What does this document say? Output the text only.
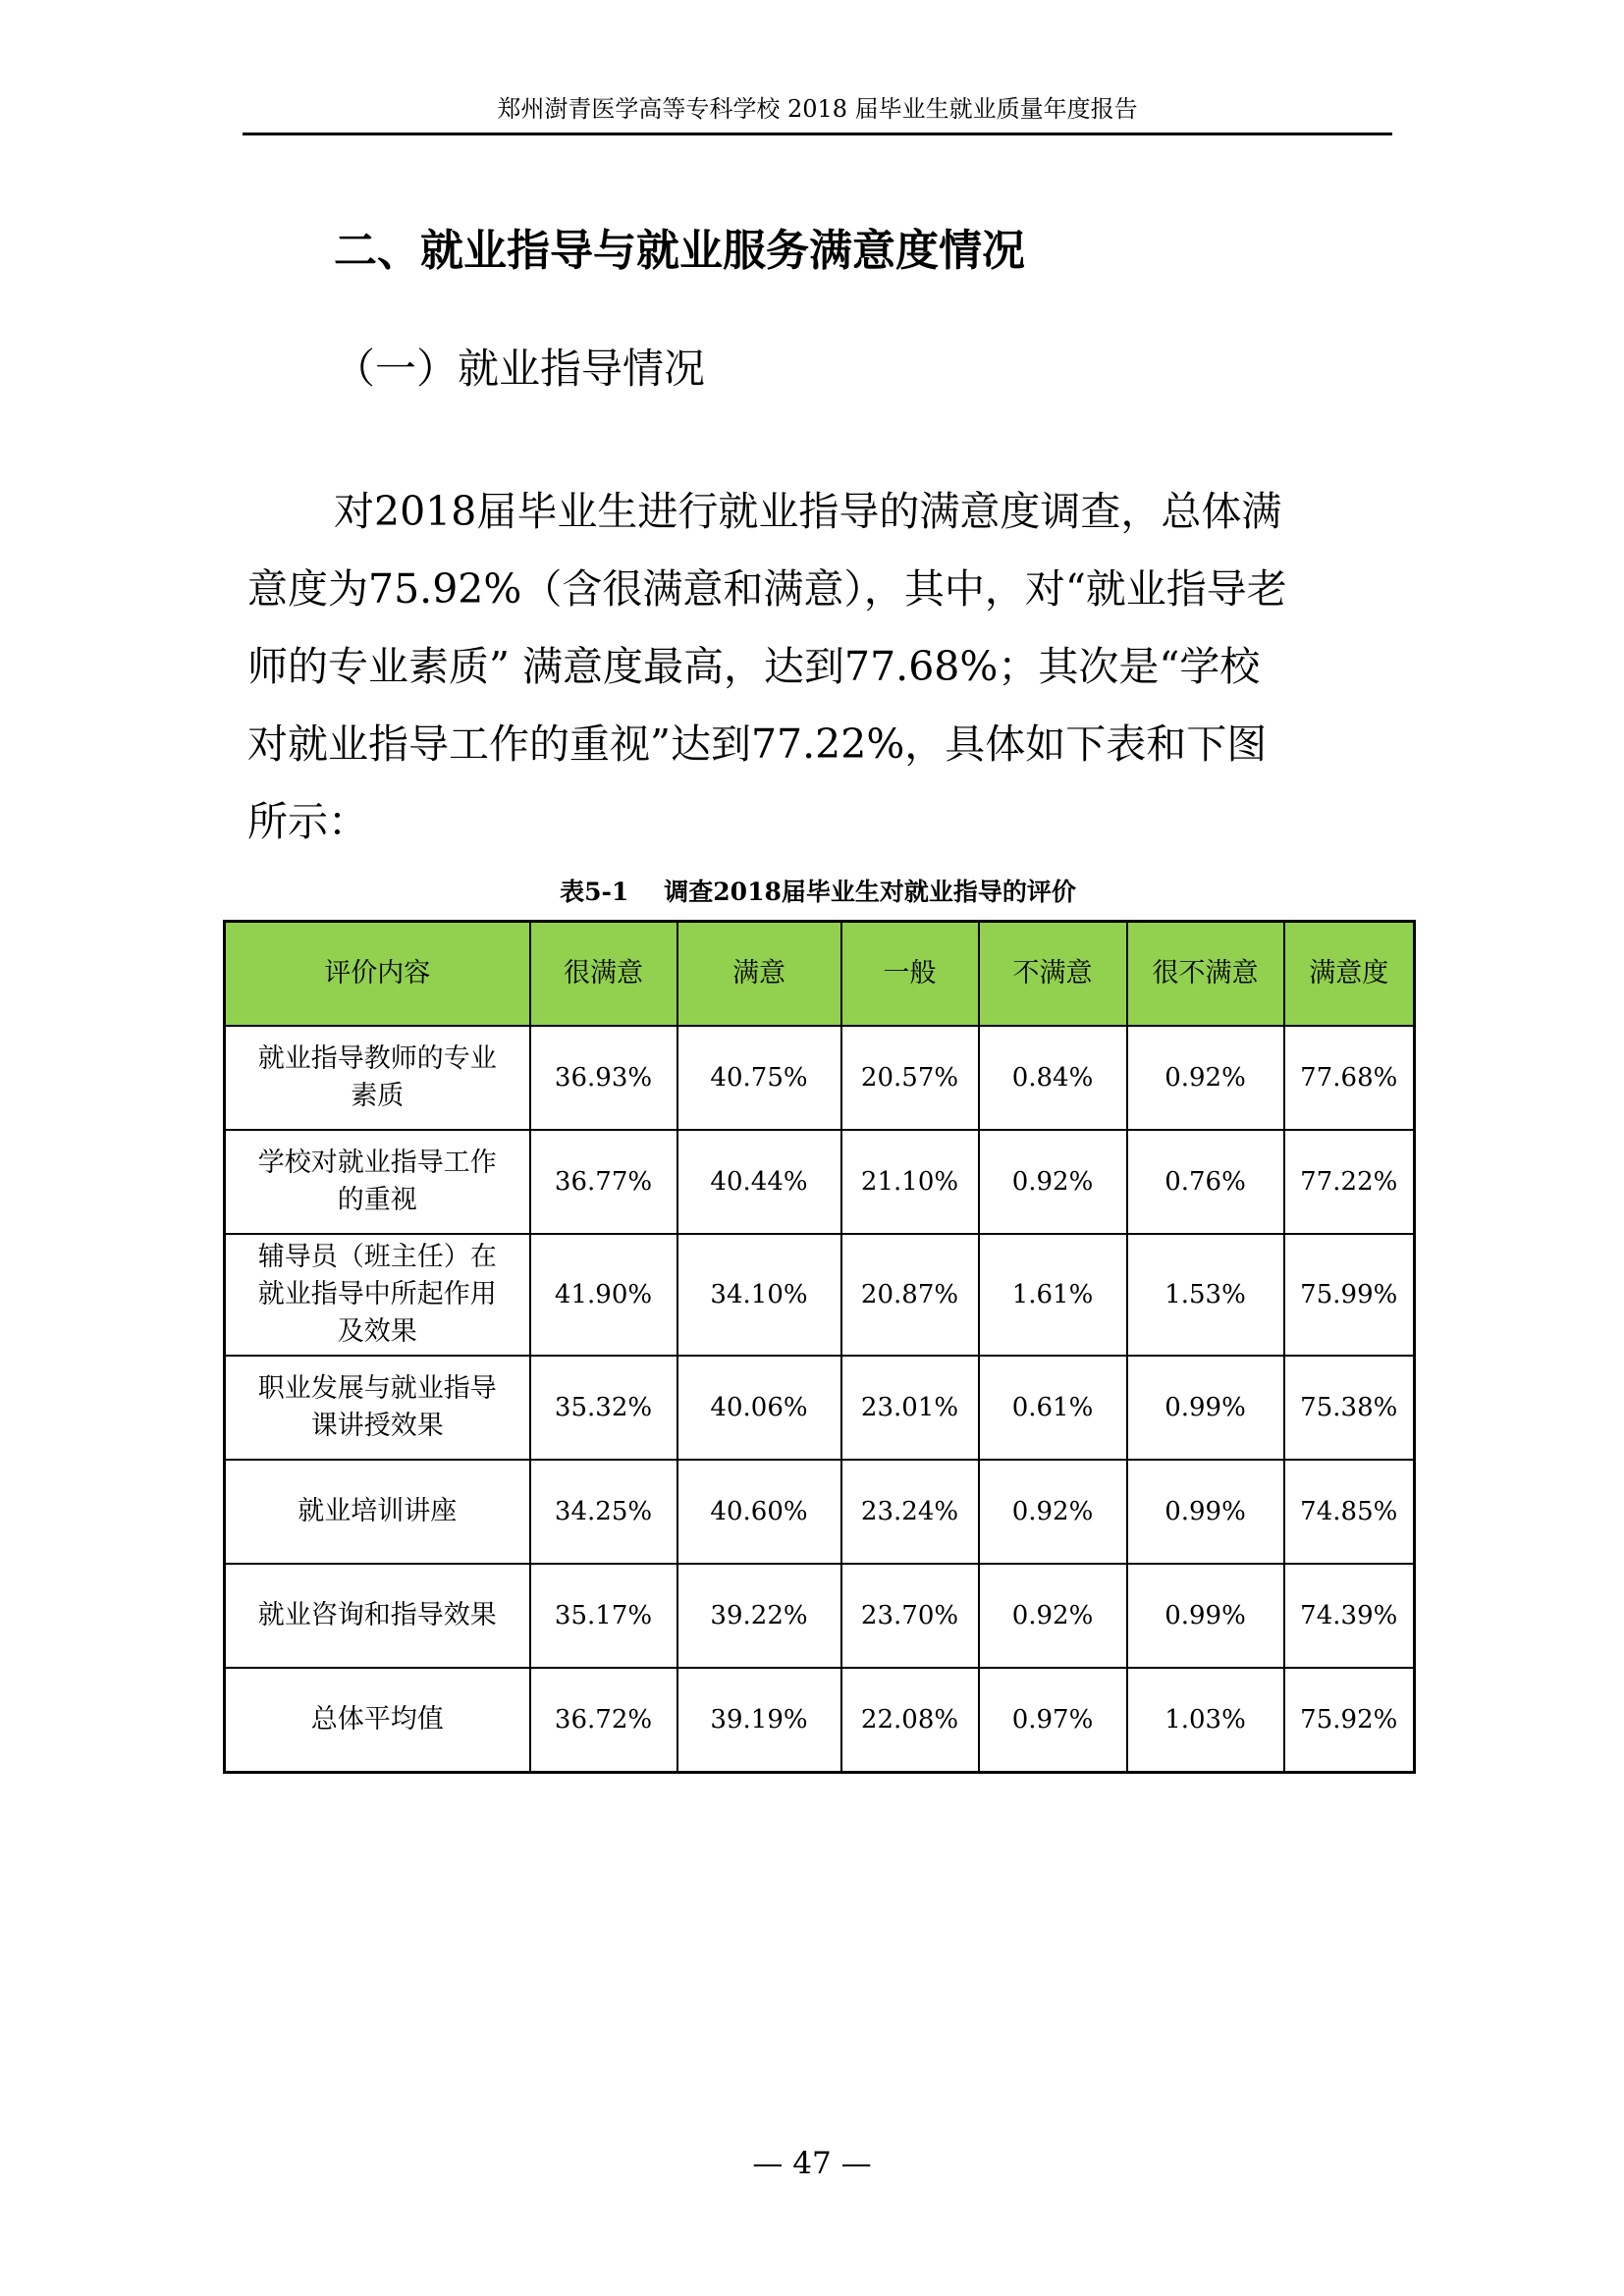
郑州澍青医学高等专科学校 2018 届毕业生就业质量年度报告
二、就业指导与就业服务满意度情况
（一）就业指导情况
对2018届毕业生进行就业指导的满意度调查，总体满
意度为75.92%（含很满意和满意），其中，对“就业指导老
师的专业素质” 满意度最高，达到77.68%；其次是“学校
对就业指导工作的重视”达到77.22%，具体如下表和下图
所示：
表5-1 调查2018届毕业生对就业指导的评价
评价内容	很满意	满意	一般	不满意	很不满意	满意度
就业指导教师的专业
素质	36.93%	40.75%	20.57%	0.84%	0.92%	77.68%
学校对就业指导工作
的重视	36.77%	40.44%	21.10%	0.92%	0.76%	77.22%
辅导员（班主任）在
就业指导中所起作用
及效果	41.90%	34.10%	20.87%	1.61%	1.53%	75.99%
职业发展与就业指导
课讲授效果	35.32%	40.06%	23.01%	0.61%	0.99%	75.38%
就业培训讲座	34.25%	40.60%	23.24%	0.92%	0.99%	74.85%
就业咨询和指导效果	35.17%	39.22%	23.70%	0.92%	0.99%	74.39%
总体平均值	36.72%	39.19%	22.08%	0.97%	1.03%	75.92%
— 47 —
